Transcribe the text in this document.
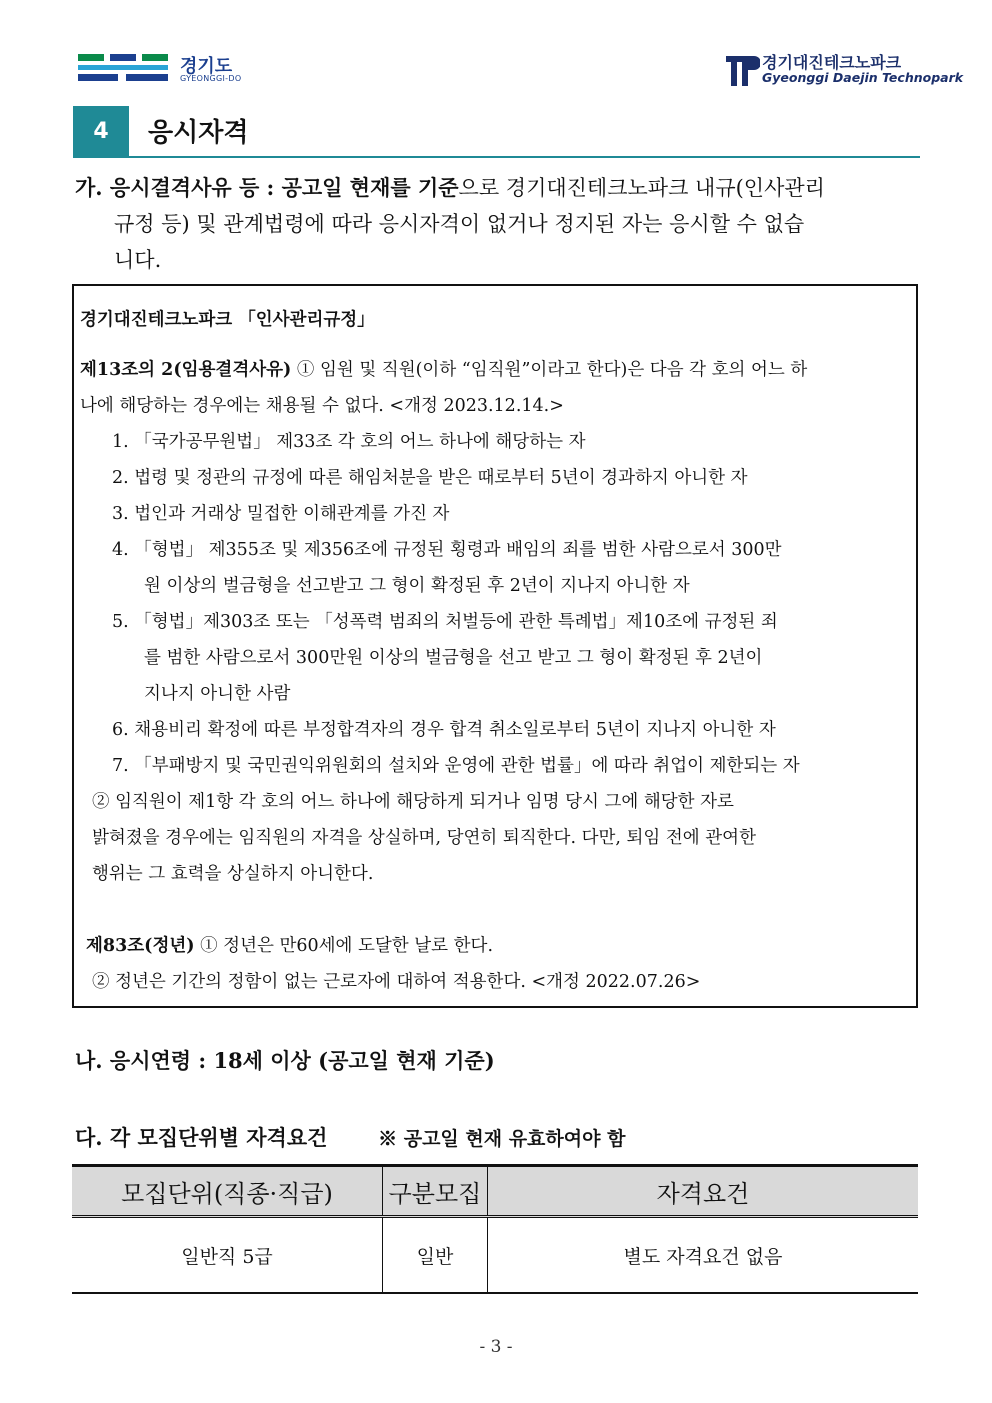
경기도
GYEONGGI-DO
경기대진테크노파크
Gyeonggi Daejin Technopark
4	응시자격
가. 응시결격사유 등 : 공고일 현재를 기준으로 경기대진테크노파크 내규(인사관리
규정 등) 및 관계법령에 따라 응시자격이 없거나 정지된 자는 응시할 수 없습
니다.
경기대진테크노파크 「인사관리규정」
제13조의 2(임용결격사유) ① 임원 및 직원(이하 “임직원”이라고 한다)은 다음 각 호의 어느 하
나에 해당하는 경우에는 채용될 수 없다. <개정 2023.12.14.>
1. 「국가공무원법」 제33조 각 호의 어느 하나에 해당하는 자
2. 법령 및 정관의 규정에 따른 해임처분을 받은 때로부터 5년이 경과하지 아니한 자
3. 법인과 거래상 밀접한 이해관계를 가진 자
4. 「형법」 제355조 및 제356조에 규정된 횡령과 배임의 죄를 범한 사람으로서 300만
원 이상의 벌금형을 선고받고 그 형이 확정된 후 2년이 지나지 아니한 자
5. 「형법」제303조 또는 「성폭력 범죄의 처벌등에 관한 특례법」제10조에 규정된 죄
를 범한 사람으로서 300만원 이상의 벌금형을 선고 받고 그 형이 확정된 후 2년이
지나지 아니한 사람
6. 채용비리 확정에 따른 부정합격자의 경우 합격 취소일로부터 5년이 지나지 아니한 자
7. 「부패방지 및 국민권익위원회의 설치와 운영에 관한 법률」에 따라 취업이 제한되는 자
② 임직원이 제1항 각 호의 어느 하나에 해당하게 되거나 임명 당시 그에 해당한 자로
밝혀졌을 경우에는 임직원의 자격을 상실하며, 당연히 퇴직한다. 다만, 퇴임 전에 관여한
행위는 그 효력을 상실하지 아니한다.
제83조(정년) ① 정년은 만60세에 도달한 날로 한다.
② 정년은 기간의 정함이 없는 근로자에 대하여 적용한다. <개정 2022.07.26>
나. 응시연령 : 18세 이상 (공고일 현재 기준)
다. 각 모집단위별 자격요건	※ 공고일 현재 유효하여야 함
모집단위(직종·직급)	구분모집	자격요건
일반직 5급	일반	별도 자격요건 없음
- 3 -
